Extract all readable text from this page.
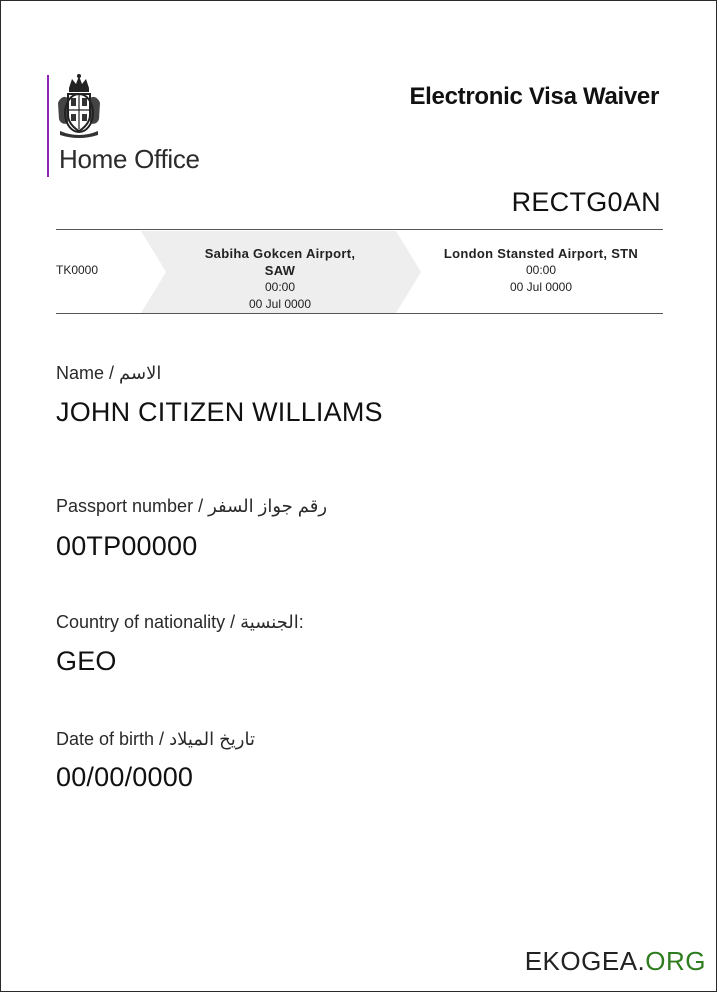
Home Office
Electronic Visa Waiver
RECTG0AN
TK0000
Sabiha Gokcen Airport,
SAW
00:00
00 Jul 0000
London Stansted Airport, STN
00:00
00 Jul 0000
Name / الاسم
JOHN CITIZEN WILLIAMS
Passport number / رقم جواز السفر
00TP00000
Country of nationality / الجنسية:
GEO
Date of birth / تاريخ الميلاد
00/00/0000
EKOGEA.ORG
